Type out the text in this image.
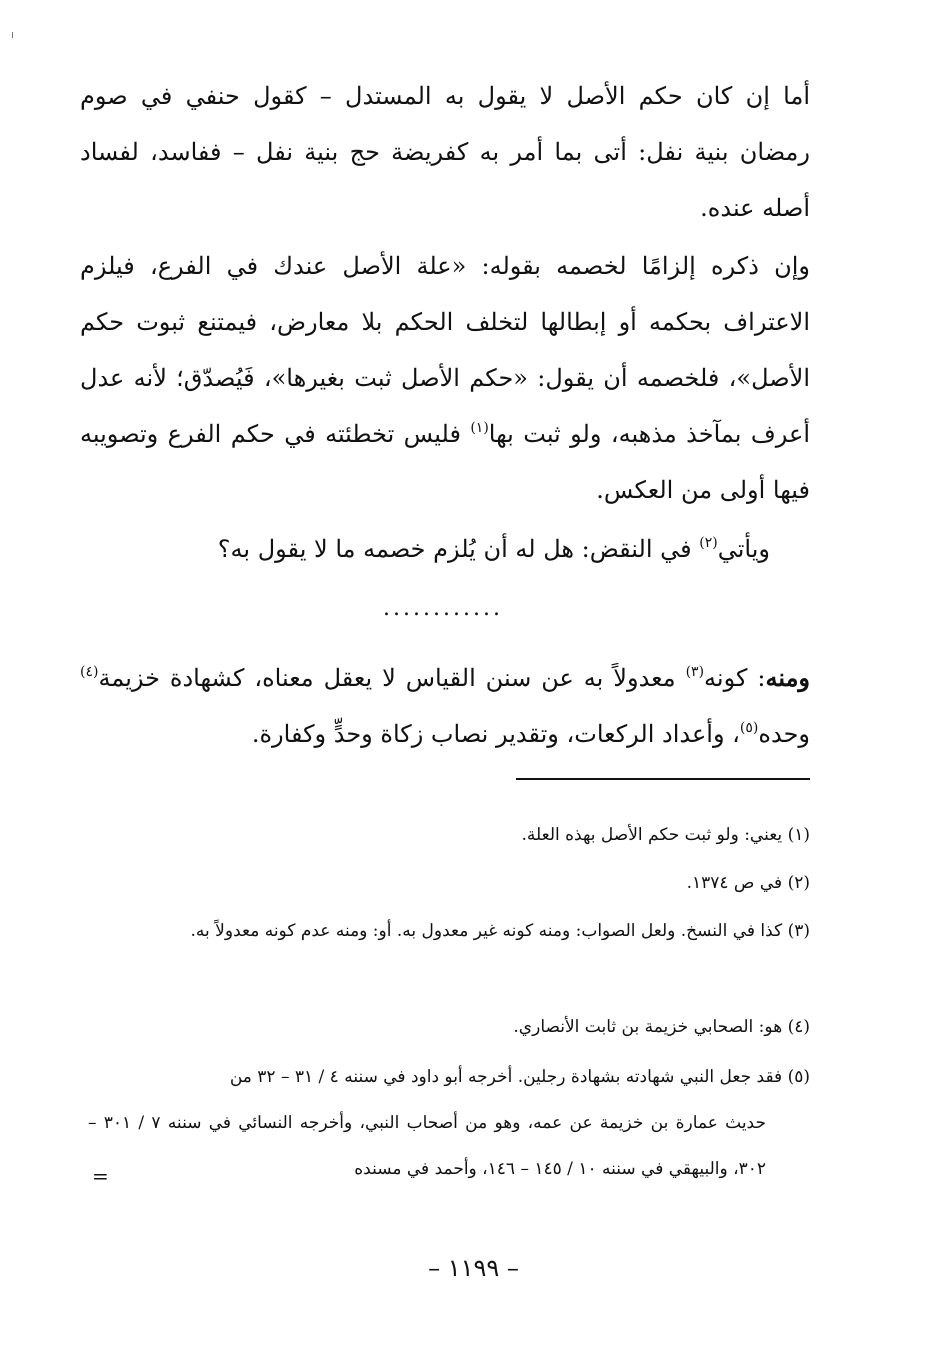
أما إن كان حكم الأصل لا يقول به المستدل – كقول حنفي في صوم رمضان بنية نفل: أتى بما أمر به كفريضة حج بنية نفل – ففاسد، لفساد أصله عنده.

وإن ذكره إلزامًا لخصمه بقوله: «علة الأصل عندك في الفرع، فيلزم الاعتراف بحكمه أو إبطالها لتخلف الحكم بلا معارض، فيمتنع ثبوت حكم الأصل»، فلخصمه أن يقول: «حكم الأصل ثبت بغيرها»، فَيُصدّق؛ لأنه عدل أعرف بمآخذ مذهبه، ولو ثبت بها$^{(١)}$ فليس تخطئته في حكم الفرع وتصويبه فيها أولى من العكس.

ويأتي$^{(٢)}$ في النقض: هل له أن يُلزم خصمه ما لا يقول به؟

............

ومنه: كونه$^{(٣)}$ معدولاً به عن سنن القياس لا يعقل معناه، كشهادة خزيمة$^{(٤)}$ وحده$^{(٥)}$، وأعداد الركعات، وتقدير نصاب زكاة وحدٍّ وكفارة.

(١) يعني: ولو ثبت حكم الأصل بهذه العلة.
(٢) في ص ١٣٧٤.
(٣) كذا في النسخ. ولعل الصواب: ومنه كونه غير معدول به. أو: ومنه عدم كونه معدولاً به.
(٤) هو: الصحابي خزيمة بن ثابت الأنصاري.
(٥) فقد جعل النبي شهادته بشهادة رجلين. أخرجه أبو داود في سننه ٤ / ٣١ – ٣٢ من
حديث عمارة بن خزيمة عن عمه، وهو من أصحاب النبي، وأخرجه النسائي في سننه ٧ / ٣٠١ – ٣٠٢، والبيهقي في سننه ١٠ / ١٤٥ – ١٤٦، وأحمد في مسنده
=
– ١١٩٩ –
